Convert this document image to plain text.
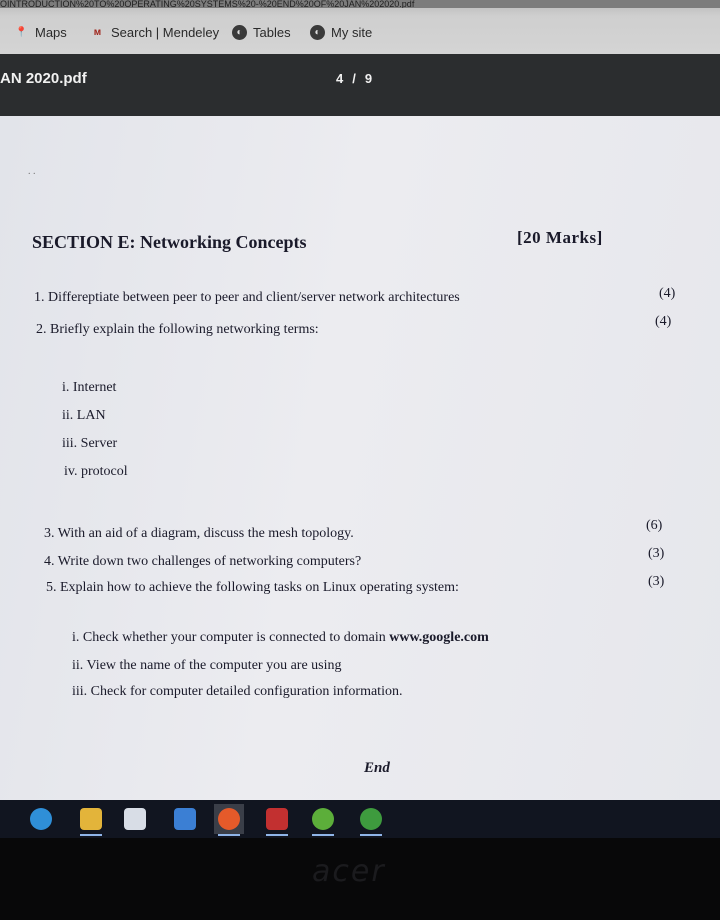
OINTRODUCTION%20TO%20OPERATING%20SYSTEMS%20-%20END%20OF%20JAN%202020.pdf
📍 Maps	ᴍ Search | Mendeley	◐ Tables	◐ My site
AN 2020.pdf	4 / 9
. .
SECTION E: Networking Concepts	[20 Marks]
1. Differeptiate between peer to peer and client/server network architectures	(4)
2. Briefly explain the following networking terms:
(4)
i. Internet
ii. LAN
iii. Server
iv. protocol
3. With an aid of a diagram, discuss the mesh topology.
(6)
4. Write down two challenges of networking computers?
(3)
5. Explain how to achieve the following tasks on Linux operating system:	(3)
i. Check whether your computer is connected to domain www.google.com
ii. View the name of the computer you are using
iii. Check for computer detailed configuration information.
End
acer
